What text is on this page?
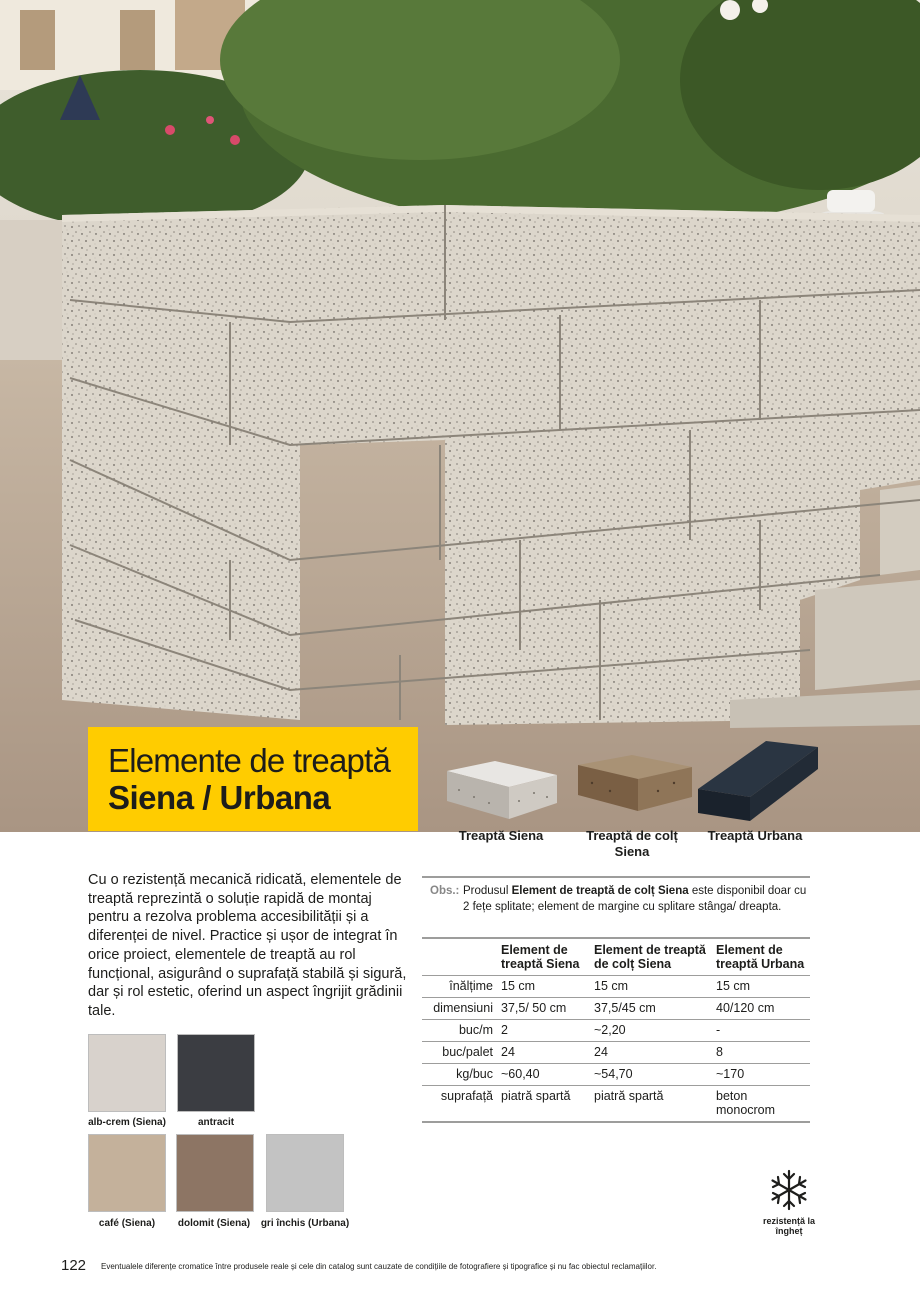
Elemente de treaptă
Siena / Urbana
Treaptă Siena	Treaptă de colț Siena
Treaptă Urbana

Cu o rezistență mecanică ridicată, elementele de treaptă reprezintă o soluție rapidă de montaj pentru a rezolva problema accesibilității și a diferenței de nivel. Practice și ușor de integrat în orice proiect, elementele de treaptă au rol funcțional, asigurând o suprafață stabilă și sigură, dar și rol estetic, oferind un aspect îngrijit grădinii tale.

Obs.: Produsul Element de treaptă de colț Siena este disponibil doar cu 2 fețe splitate; element de margine cu splitare stânga/ dreapta.
	Element de treaptă Siena	Element de treaptă de colț Siena	Element de treaptă Urbana
înălțime	15 cm	15 cm	15 cm
dimensiuni	37,5/ 50 cm	37,5/45 cm	40/120 cm
buc/m	2	~2,20	-
buc/palet	24	24	8
kg/buc	~60,40	~54,70	~170
suprafață	piatră spartă	piatră spartă	beton monocrom
alb-crem (Siena)	antracit
café (Siena)	dolomit (Siena)	gri închis (Urbana)	rezistență la îngheț
122 Eventualele diferențe cromatice între produsele reale și cele din catalog sunt cauzate de condițiile de fotografiere și tipografice și nu fac obiectul reclamațiilor.
